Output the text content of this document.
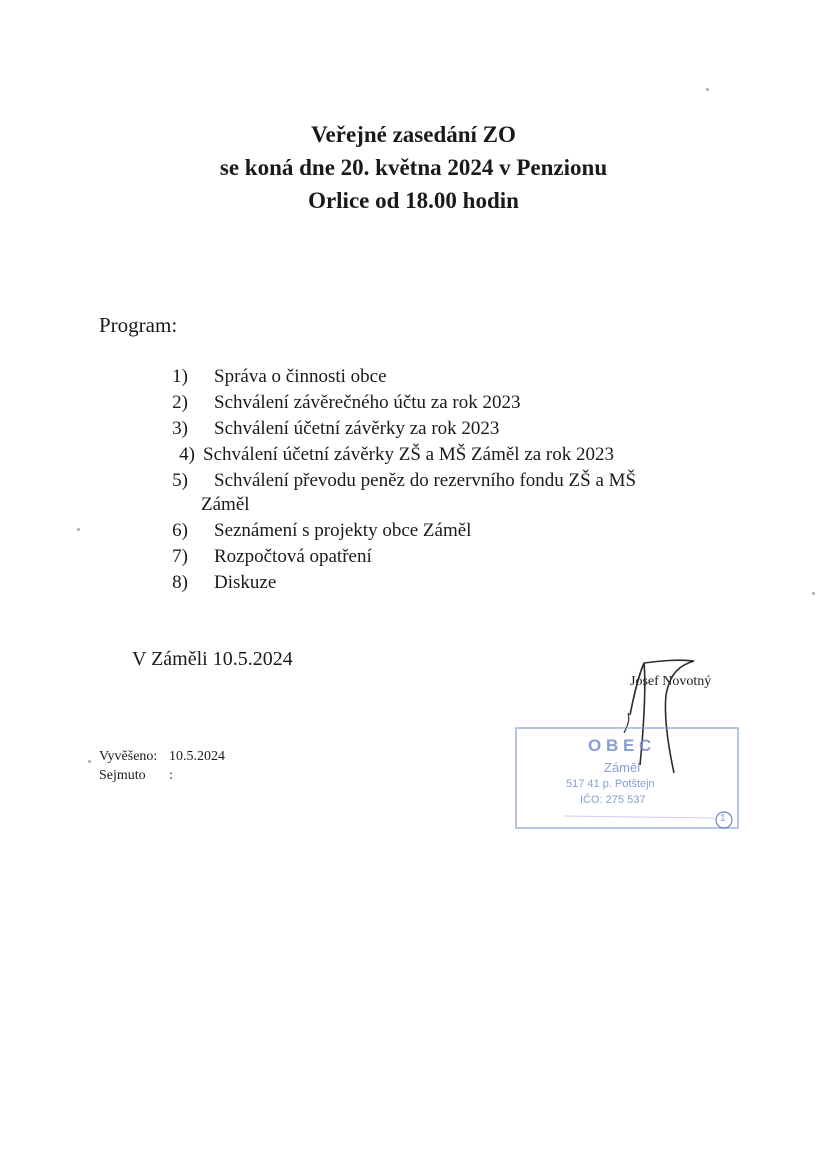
Veřejné zasedání ZO
se koná dne 20. května 2024 v Penzionu
Orlice od 18.00 hodin
Program:
1) Správa o činnosti obce
2) Schválení závěrečného účtu za rok 2023
3) Schválení účetní závěrky za rok 2023
4) Schválení účetní závěrky ZŠ a MŠ Záměl za rok 2023
5) Schválení převodu peněz do rezervního fondu ZŠ a MŠ
Záměl
6) Seznámení s projekty obce Záměl
7) Rozpočtová opatření
8) Diskuze
V Záměli 10.5.2024
Josef Novotný
Vyvěšeno: 10.5.2024
Sejmuto :
O B E C
Záměl
517 41 p. Potštejn
IČO: 275 537
1
